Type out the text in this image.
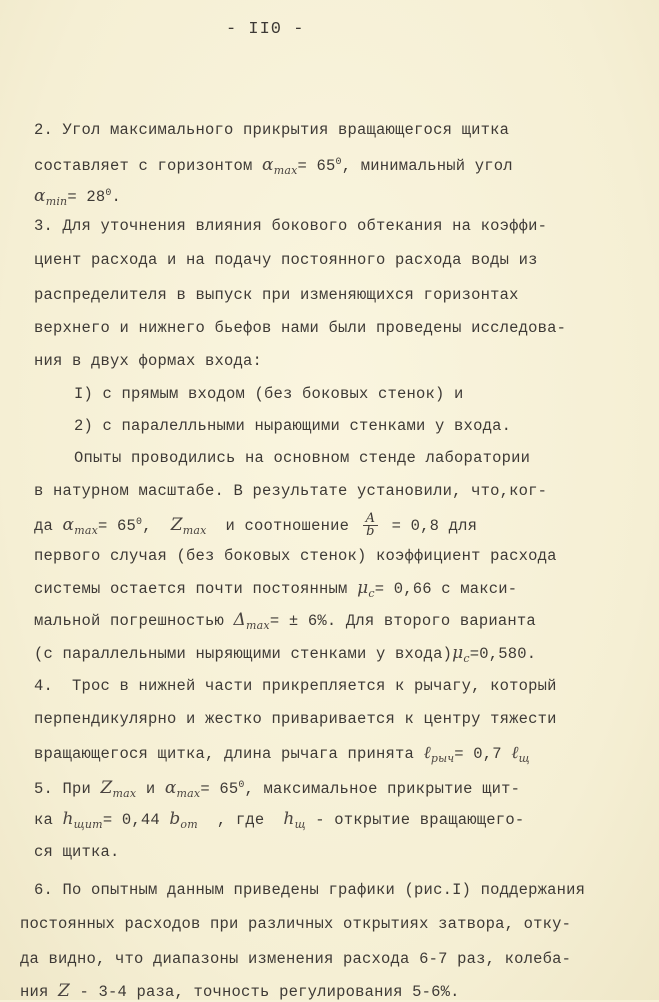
- II0 -
2. Угол максимального прикрытия вращающегося щитка
составляет с горизонтом $\alpha_{max}= 65^0$, минимальный угол
$\alpha_{min}= 28^0$.
3. Для уточнения влияния бокового обтекания на коэффи-
циент расхода и на подачу постоянного расхода воды из
распределителя в выпуск при изменяющихся горизонтах
верхнего и нижнего бьефов нами были проведены исследова-
ния в двух формах входа:
I) с прямым входом (без боковых стенок) и
2) с паралелльными нырающими стенками у входа.
Опыты проводились на основном стенде лаборатории
в натурном масштабе. В результате установили, что,ког-
да $\alpha_{max}= 65^0$,  $Z_{max}$  и соотношение $\frac{A}{b} = 0,8$ для
первого случая (без боковых стенок) коэффициент расхода
системы остается почти постоянным $\mu_c= 0,66$ с макси-
мальной погрешностью $\Delta_{max}= \pm 6\%$. Для второго варианта
(с параллельными ныряющими стенками у $входа)\mu_c=0,580$.
4.  Трос в нижней части прикрепляется к рычагу, который
перпендикулярно и жестко приваривается к центру тяжести
вращающегося щитка, длина рычага принята ℓ$_{рыч}$= 0,7 ℓ$_щ$
5. При $Z_{max}$ и $\alpha_{max}= 65^0$, максимальное прикрытие щит-
ка $h_{щит}= 0,44$ $b_{от}$  , где  $h_щ$ - открытие вращающего-
ся щитка.
6. По опытным данным приведены графики (рис.I) поддержания
постоянных расходов при различных открытиях затвора, отку-
да видно, что диапазоны изменения расхода 6-7 раз, колеба-
ния Z - 3-4 раза, точность регулирования 5-6%.
